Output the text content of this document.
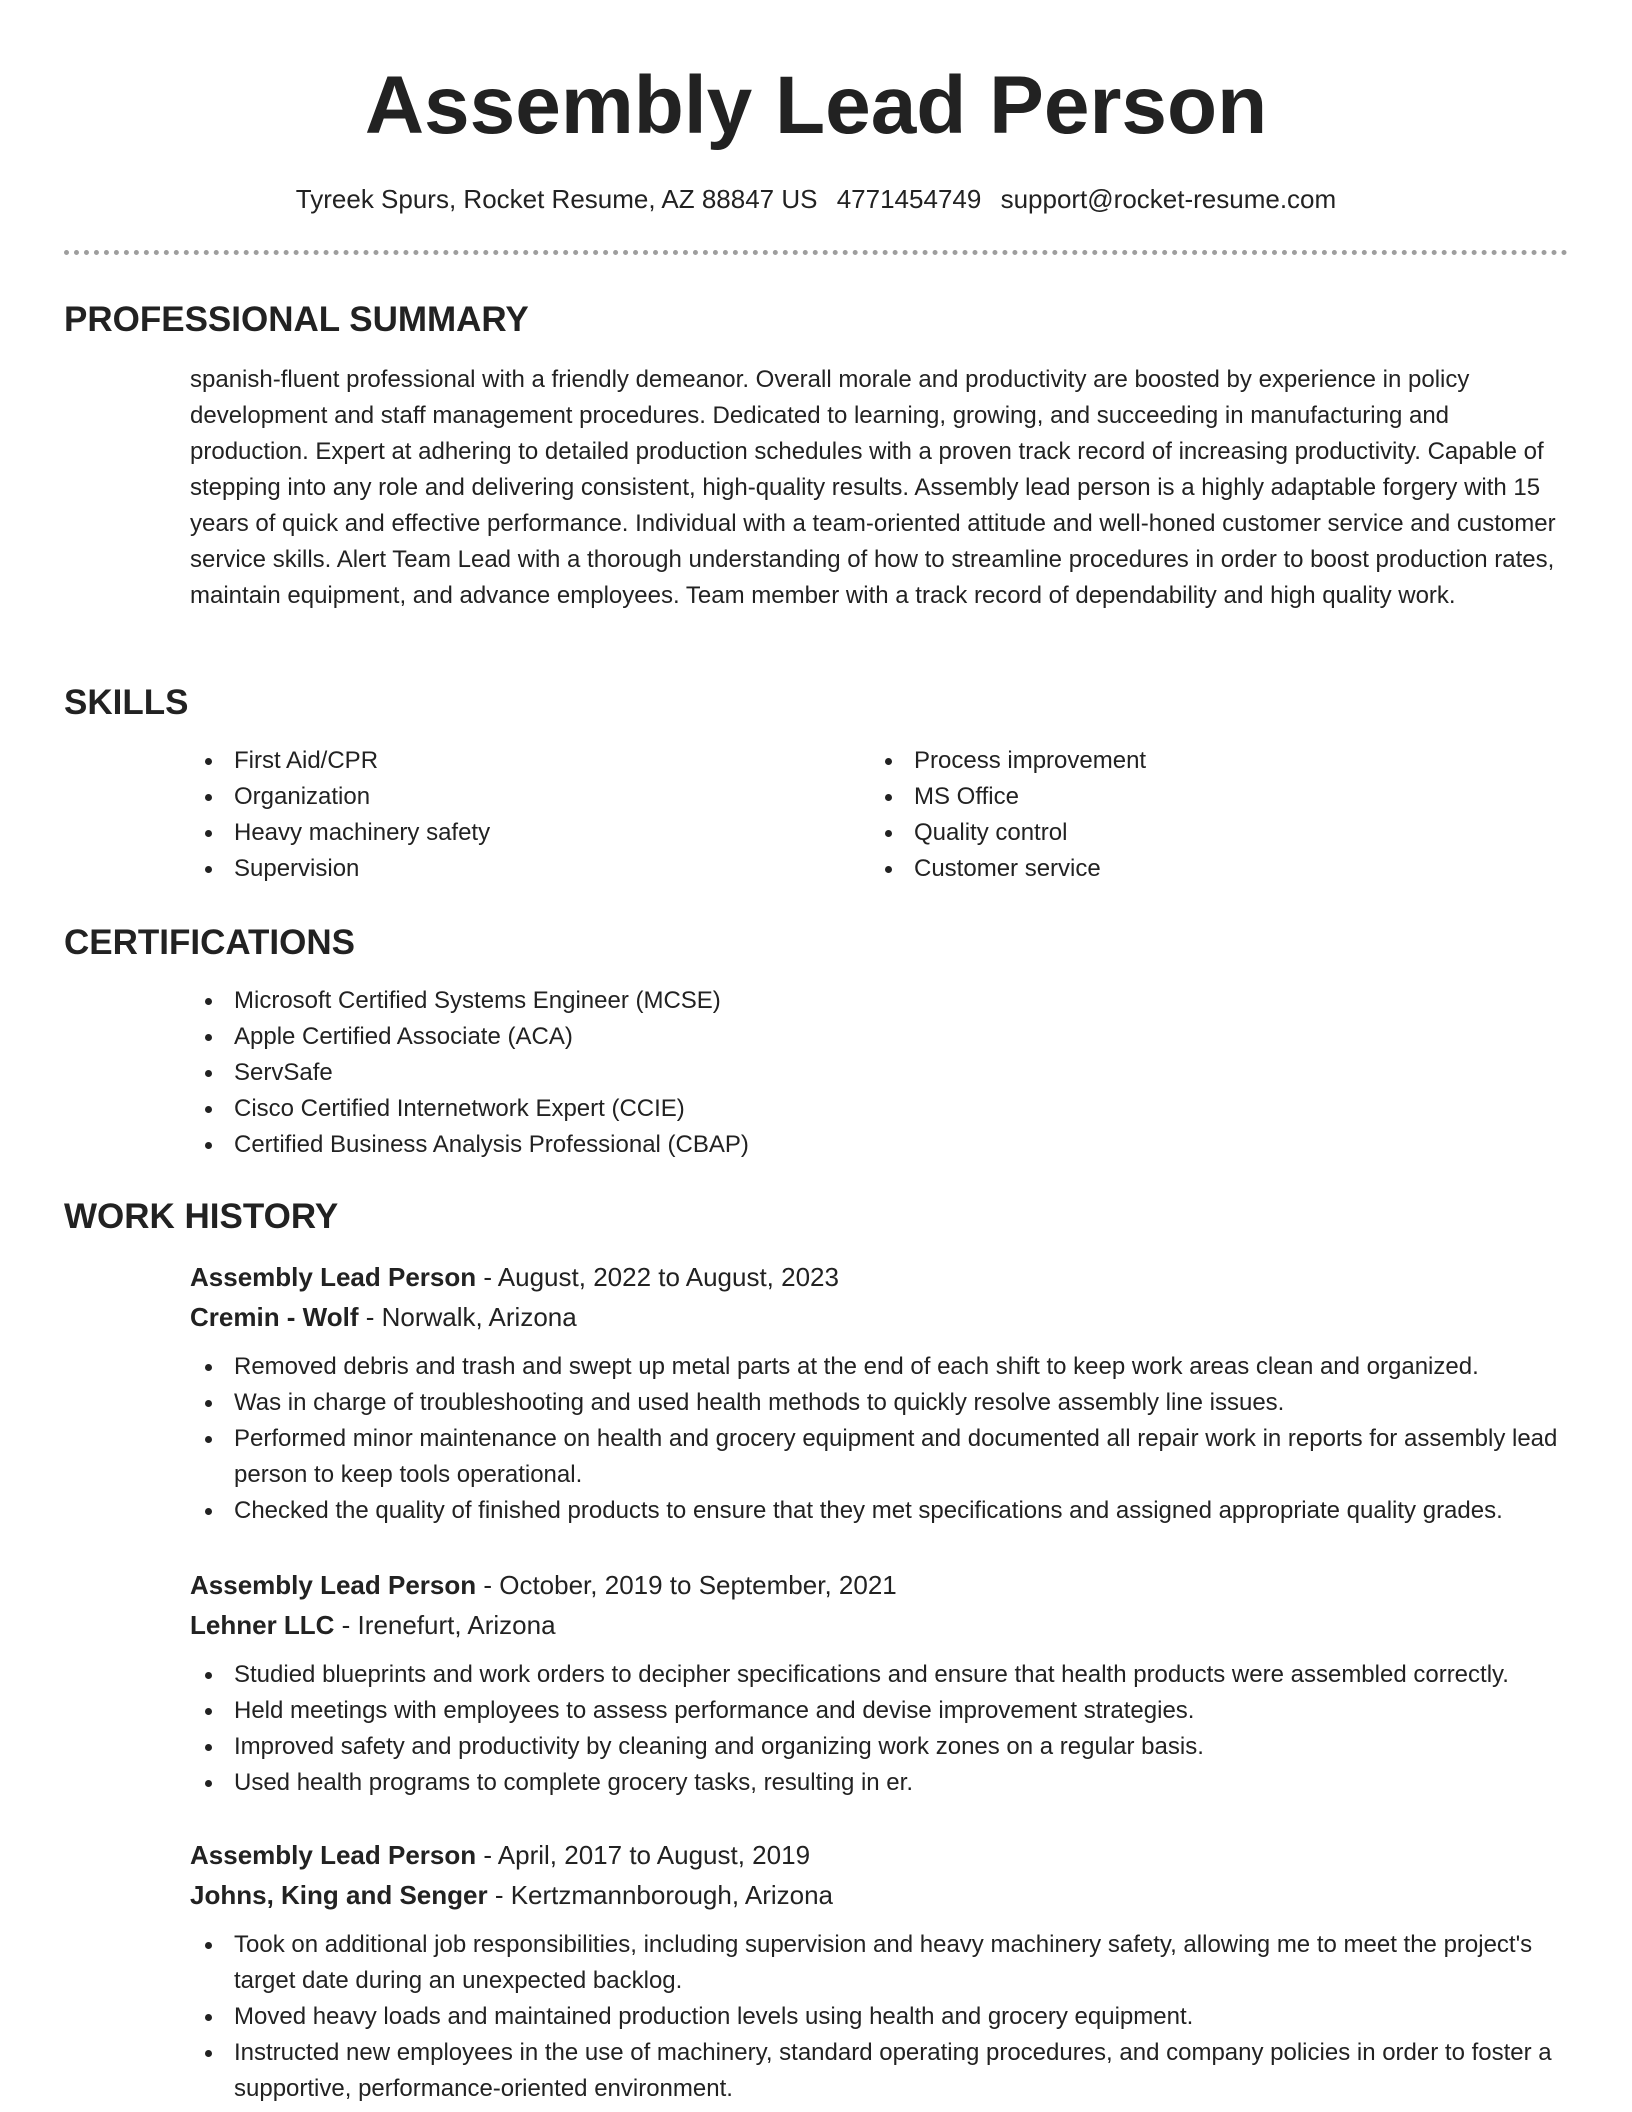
Assembly Lead Person
Tyreek Spurs, Rocket Resume, AZ 88847 US 4771454749 support@rocket-resume.com
PROFESSIONAL SUMMARY

spanish-fluent professional with a friendly demeanor. Overall morale and productivity are boosted by experience in policy development and staff management procedures. Dedicated to learning, growing, and succeeding in manufacturing and production. Expert at adhering to detailed production schedules with a proven track record of increasing productivity. Capable of stepping into any role and delivering consistent, high-quality results. Assembly lead person is a highly adaptable forgery with 15 years of quick and effective performance. Individual with a team-oriented attitude and well-honed customer service and customer service skills. Alert Team Lead with a thorough understanding of how to streamline procedures in order to boost production rates, maintain equipment, and advance employees. Team member with a track record of dependability and high quality work.

SKILLS
First Aid/CPR
Organization
Heavy machinery safety
Supervision
Process improvement
MS Office
Quality control
Customer service
CERTIFICATIONS
Microsoft Certified Systems Engineer (MCSE)
Apple Certified Associate (ACA)
ServSafe
Cisco Certified Internetwork Expert (CCIE)
Certified Business Analysis Professional (CBAP)
WORK HISTORY
Assembly Lead Person - August, 2022 to August, 2023
Cremin - Wolf - Norwalk, Arizona
Removed debris and trash and swept up metal parts at the end of each shift to keep work areas clean and organized.
Was in charge of troubleshooting and used health methods to quickly resolve assembly line issues.
Performed minor maintenance on health and grocery equipment and documented all repair work in reports for assembly lead person to keep tools operational.
Checked the quality of finished products to ensure that they met specifications and assigned appropriate quality grades.
Assembly Lead Person - October, 2019 to September, 2021
Lehner LLC - Irenefurt, Arizona
Studied blueprints and work orders to decipher specifications and ensure that health products were assembled correctly.
Held meetings with employees to assess performance and devise improvement strategies.
Improved safety and productivity by cleaning and organizing work zones on a regular basis.
Used health programs to complete grocery tasks, resulting in er.
Assembly Lead Person - April, 2017 to August, 2019
Johns, King and Senger - Kertzmannborough, Arizona
Took on additional job responsibilities, including supervision and heavy machinery safety, allowing me to meet the project's target date during an unexpected backlog.
Moved heavy loads and maintained production levels using health and grocery equipment.
Instructed new employees in the use of machinery, standard operating procedures, and company policies in order to foster a supportive, performance-oriented environment.
